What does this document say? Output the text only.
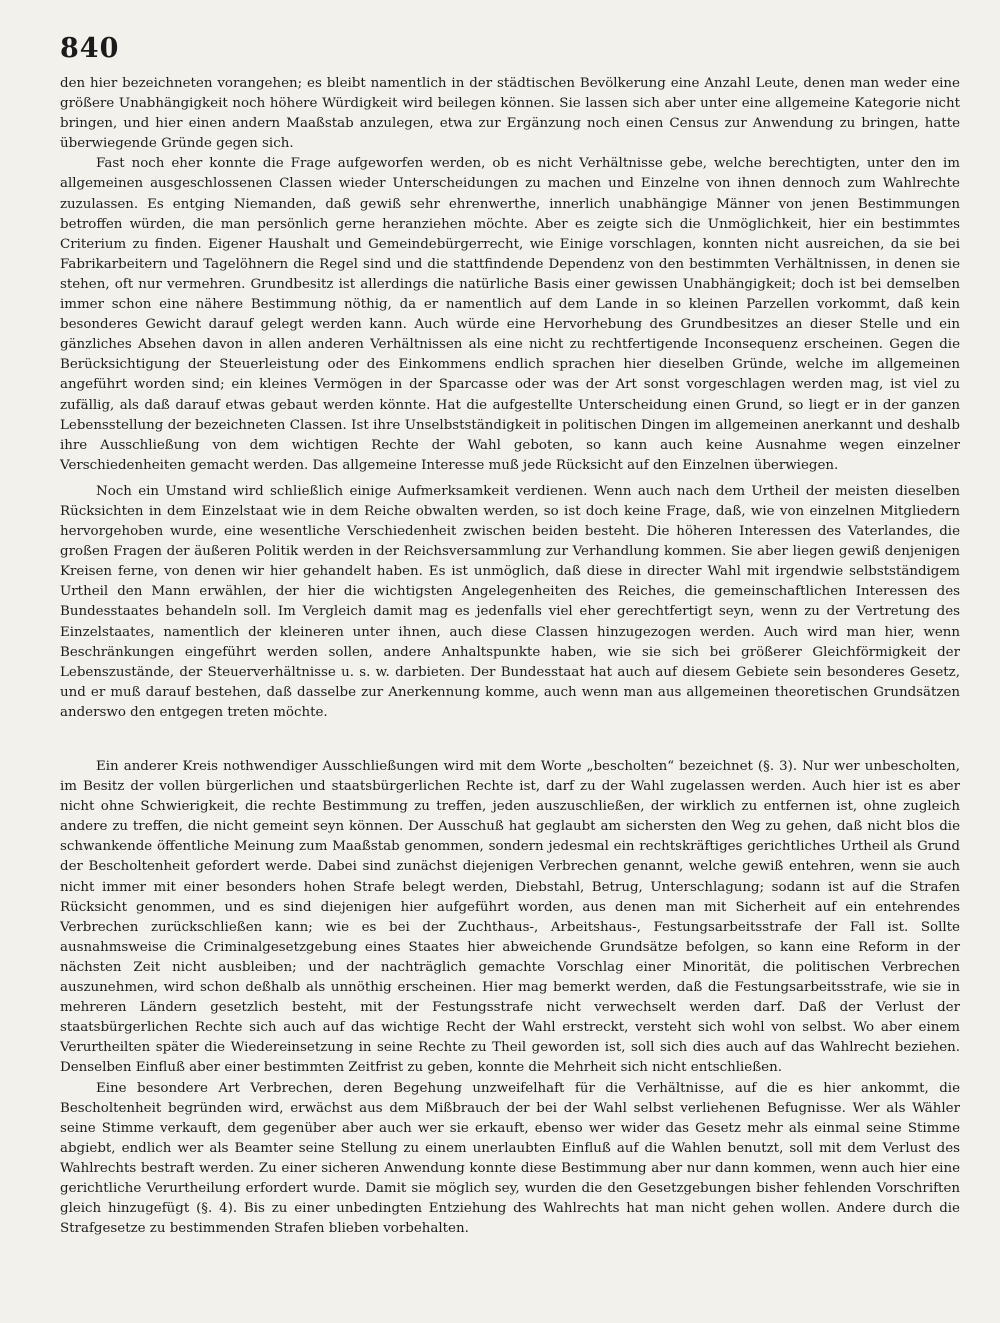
840

den hier bezeichneten vorangehen; es bleibt namentlich in der städtischen Bevölkerung eine Anzahl Leute, denen man weder eine größere Unabhängigkeit noch höhere Würdigkeit wird beilegen können. Sie lassen sich aber unter eine allgemeine Kategorie nicht bringen, und hier einen andern Maaßstab anzulegen, etwa zur Ergänzung noch einen Census zur Anwendung zu bringen, hatte überwiegende Gründe gegen sich.

Fast noch eher konnte die Frage aufgeworfen werden, ob es nicht Verhältnisse gebe, welche berechtigten, unter den im allgemeinen ausgeschlossenen Classen wieder Unterscheidungen zu machen und Einzelne von ihnen dennoch zum Wahlrechte zuzulassen. Es entging Niemanden, daß gewiß sehr ehrenwerthe, innerlich unabhängige Männer von jenen Bestimmungen betroffen würden, die man persönlich gerne heranziehen möchte. Aber es zeigte sich die Unmöglichkeit, hier ein bestimmtes Criterium zu finden. Eigener Haushalt und Gemeindebürgerrecht, wie Einige vorschlagen, konnten nicht ausreichen, da sie bei Fabrikarbeitern und Tagelöhnern die Regel sind und die stattfindende Dependenz von den bestimmten Verhältnissen, in denen sie stehen, oft nur vermehren. Grundbesitz ist allerdings die natürliche Basis einer gewissen Unabhängigkeit; doch ist bei demselben immer schon eine nähere Bestimmung nöthig, da er namentlich auf dem Lande in so kleinen Parzellen vorkommt, daß kein besonderes Gewicht darauf gelegt werden kann. Auch würde eine Hervorhebung des Grundbesitzes an dieser Stelle und ein gänzliches Absehen davon in allen anderen Verhältnissen als eine nicht zu rechtfertigende Inconsequenz erscheinen. Gegen die Berücksichtigung der Steuerleistung oder des Einkommens endlich sprachen hier dieselben Gründe, welche im allgemeinen angeführt worden sind; ein kleines Vermögen in der Sparcasse oder was der Art sonst vorgeschlagen werden mag, ist viel zu zufällig, als daß darauf etwas gebaut werden könnte. Hat die aufgestellte Unterscheidung einen Grund, so liegt er in der ganzen Lebensstellung der bezeichneten Classen. Ist ihre Unselbstständigkeit in politischen Dingen im allgemeinen anerkannt und deshalb ihre Ausschließung von dem wichtigen Rechte der Wahl geboten, so kann auch keine Ausnahme wegen einzelner Verschiedenheiten gemacht werden. Das allgemeine Interesse muß jede Rücksicht auf den Einzelnen überwiegen.

Noch ein Umstand wird schließlich einige Aufmerksamkeit verdienen. Wenn auch nach dem Urtheil der meisten dieselben Rücksichten in dem Einzelstaat wie in dem Reiche obwalten werden, so ist doch keine Frage, daß, wie von einzelnen Mitgliedern hervorgehoben wurde, eine wesentliche Verschiedenheit zwischen beiden besteht. Die höheren Interessen des Vaterlandes, die großen Fragen der äußeren Politik werden in der Reichsversammlung zur Verhandlung kommen. Sie aber liegen gewiß denjenigen Kreisen ferne, von denen wir hier gehandelt haben. Es ist unmöglich, daß diese in directer Wahl mit irgendwie selbstständigem Urtheil den Mann erwählen, der hier die wichtigsten Angelegenheiten des Reiches, die gemeinschaftlichen Interessen des Bundesstaates behandeln soll. Im Vergleich damit mag es jedenfalls viel eher gerechtfertigt seyn, wenn zu der Vertretung des Einzelstaates, namentlich der kleineren unter ihnen, auch diese Classen hinzugezogen werden. Auch wird man hier, wenn Beschränkungen eingeführt werden sollen, andere Anhaltspunkte haben, wie sie sich bei größerer Gleichförmigkeit der Lebenszustände, der Steuerverhältnisse u. s. w. darbieten. Der Bundesstaat hat auch auf diesem Gebiete sein besonderes Gesetz, und er muß darauf bestehen, daß dasselbe zur Anerkennung komme, auch wenn man aus allgemeinen theoretischen Grundsätzen anderswo den entgegen treten möchte.

Ein anderer Kreis nothwendiger Ausschließungen wird mit dem Worte „bescholten“ bezeichnet (§. 3). Nur wer unbescholten, im Besitz der vollen bürgerlichen und staatsbürgerlichen Rechte ist, darf zu der Wahl zugelassen werden. Auch hier ist es aber nicht ohne Schwierigkeit, die rechte Bestimmung zu treffen, jeden auszuschließen, der wirklich zu entfernen ist, ohne zugleich andere zu treffen, die nicht gemeint seyn können. Der Ausschuß hat geglaubt am sichersten den Weg zu gehen, daß nicht blos die schwankende öffentliche Meinung zum Maaßstab genommen, sondern jedesmal ein rechtskräftiges gerichtliches Urtheil als Grund der Bescholtenheit gefordert werde. Dabei sind zunächst diejenigen Verbrechen genannt, welche gewiß entehren, wenn sie auch nicht immer mit einer besonders hohen Strafe belegt werden, Diebstahl, Betrug, Unterschlagung; sodann ist auf die Strafen Rücksicht genommen, und es sind diejenigen hier aufgeführt worden, aus denen man mit Sicherheit auf ein entehrendes Verbrechen zurückschließen kann; wie es bei der Zuchthaus-, Arbeitshaus-, Festungsarbeitsstrafe der Fall ist. Sollte ausnahmsweise die Criminalgesetzgebung eines Staates hier abweichende Grundsätze befolgen, so kann eine Reform in der nächsten Zeit nicht ausbleiben; und der nachträglich gemachte Vorschlag einer Minorität, die politischen Verbrechen auszunehmen, wird schon deßhalb als unnöthig erscheinen. Hier mag bemerkt werden, daß die Festungsarbeitsstrafe, wie sie in mehreren Ländern gesetzlich besteht, mit der Festungsstrafe nicht verwechselt werden darf. Daß der Verlust der staatsbürgerlichen Rechte sich auch auf das wichtige Recht der Wahl erstreckt, versteht sich wohl von selbst. Wo aber einem Verurtheilten später die Wiedereinsetzung in seine Rechte zu Theil geworden ist, soll sich dies auch auf das Wahlrecht beziehen. Denselben Einfluß aber einer bestimmten Zeitfrist zu geben, konnte die Mehrheit sich nicht entschließen.

Eine besondere Art Verbrechen, deren Begehung unzweifelhaft für die Verhältnisse, auf die es hier ankommt, die Bescholtenheit begründen wird, erwächst aus dem Mißbrauch der bei der Wahl selbst verliehenen Befugnisse. Wer als Wähler seine Stimme verkauft, dem gegenüber aber auch wer sie erkauft, ebenso wer wider das Gesetz mehr als einmal seine Stimme abgiebt, endlich wer als Beamter seine Stellung zu einem unerlaubten Einfluß auf die Wahlen benutzt, soll mit dem Verlust des Wahlrechts bestraft werden. Zu einer sicheren Anwendung konnte diese Bestimmung aber nur dann kommen, wenn auch hier eine gerichtliche Verurtheilung erfordert wurde. Damit sie möglich sey, wurden die den Gesetzgebungen bisher fehlenden Vorschriften gleich hinzugefügt (§. 4). Bis zu einer unbedingten Entziehung des Wahlrechts hat man nicht gehen wollen. Andere durch die Strafgesetze zu bestimmenden Strafen blieben vorbehalten.
